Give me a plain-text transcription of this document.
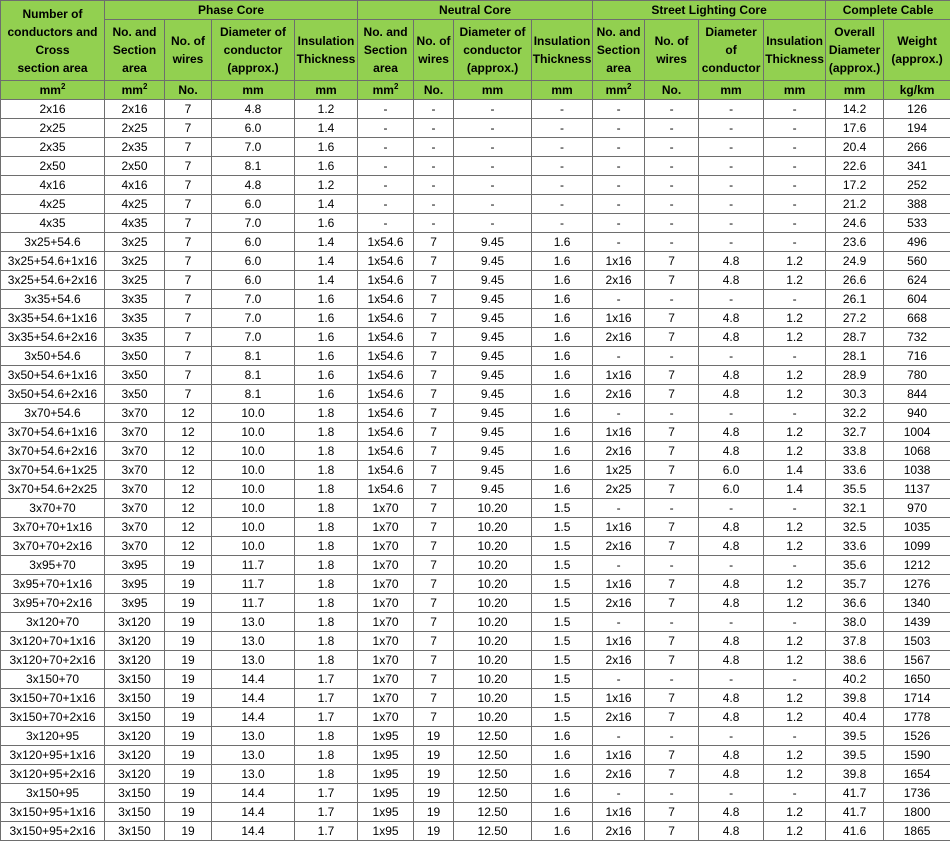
Number of
conductors and
Cross
section area	Phase Core				Neutral Core				Street Lighting Core				Complete Cable	
	No. and Section area	No. of wires	Diameter of conductor (approx.)	Insulation Thickness	No. and Section area	No. of wires	Diameter of conductor (approx.)	Insulation Thickness	No. and Section area	No. of wires	Diameter of conductor	Insulation Thickness	Overall Diameter (approx.)	Weight (approx.)
$mm^2$	$mm^2$	No.	mm	mm	$mm^2$	No.	mm	mm	$mm^2$	No.	mm	mm	mm	kg/km
2x16	2x16	7	4.8	1.2	-	-	-	-	-	-	-	-	14.2	126
2x25	2x25	7	6.0	1.4	-	-	-	-	-	-	-	-	17.6	194
2x35	2x35	7	7.0	1.6	-	-	-	-	-	-	-	-	20.4	266
2x50	2x50	7	8.1	1.6	-	-	-	-	-	-	-	-	22.6	341
4x16	4x16	7	4.8	1.2	-	-	-	-	-	-	-	-	17.2	252
4x25	4x25	7	6.0	1.4	-	-	-	-	-	-	-	-	21.2	388
4x35	4x35	7	7.0	1.6	-	-	-	-	-	-	-	-	24.6	533
3x25+54.6	3x25	7	6.0	1.4	1x54.6	7	9.45	1.6	-	-	-	-	23.6	496
3x25+54.6+1x16	3x25	7	6.0	1.4	1x54.6	7	9.45	1.6	1x16	7	4.8	1.2	24.9	560
3x25+54.6+2x16	3x25	7	6.0	1.4	1x54.6	7	9.45	1.6	2x16	7	4.8	1.2	26.6	624
3x35+54.6	3x35	7	7.0	1.6	1x54.6	7	9.45	1.6	-	-	-	-	26.1	604
3x35+54.6+1x16	3x35	7	7.0	1.6	1x54.6	7	9.45	1.6	1x16	7	4.8	1.2	27.2	668
3x35+54.6+2x16	3x35	7	7.0	1.6	1x54.6	7	9.45	1.6	2x16	7	4.8	1.2	28.7	732
3x50+54.6	3x50	7	8.1	1.6	1x54.6	7	9.45	1.6	-	-	-	-	28.1	716
3x50+54.6+1x16	3x50	7	8.1	1.6	1x54.6	7	9.45	1.6	1x16	7	4.8	1.2	28.9	780
3x50+54.6+2x16	3x50	7	8.1	1.6	1x54.6	7	9.45	1.6	2x16	7	4.8	1.2	30.3	844
3x70+54.6	3x70	12	10.0	1.8	1x54.6	7	9.45	1.6	-	-	-	-	32.2	940
3x70+54.6+1x16	3x70	12	10.0	1.8	1x54.6	7	9.45	1.6	1x16	7	4.8	1.2	32.7	1004
3x70+54.6+2x16	3x70	12	10.0	1.8	1x54.6	7	9.45	1.6	2x16	7	4.8	1.2	33.8	1068
3x70+54.6+1x25	3x70	12	10.0	1.8	1x54.6	7	9.45	1.6	1x25	7	6.0	1.4	33.6	1038
3x70+54.6+2x25	3x70	12	10.0	1.8	1x54.6	7	9.45	1.6	2x25	7	6.0	1.4	35.5	1137
3x70+70	3x70	12	10.0	1.8	1x70	7	10.20	1.5	-	-	-	-	32.1	970
3x70+70+1x16	3x70	12	10.0	1.8	1x70	7	10.20	1.5	1x16	7	4.8	1.2	32.5	1035
3x70+70+2x16	3x70	12	10.0	1.8	1x70	7	10.20	1.5	2x16	7	4.8	1.2	33.6	1099
3x95+70	3x95	19	11.7	1.8	1x70	7	10.20	1.5	-	-	-	-	35.6	1212
3x95+70+1x16	3x95	19	11.7	1.8	1x70	7	10.20	1.5	1x16	7	4.8	1.2	35.7	1276
3x95+70+2x16	3x95	19	11.7	1.8	1x70	7	10.20	1.5	2x16	7	4.8	1.2	36.6	1340
3x120+70	3x120	19	13.0	1.8	1x70	7	10.20	1.5	-	-	-	-	38.0	1439
3x120+70+1x16	3x120	19	13.0	1.8	1x70	7	10.20	1.5	1x16	7	4.8	1.2	37.8	1503
3x120+70+2x16	3x120	19	13.0	1.8	1x70	7	10.20	1.5	2x16	7	4.8	1.2	38.6	1567
3x150+70	3x150	19	14.4	1.7	1x70	7	10.20	1.5	-	-	-	-	40.2	1650
3x150+70+1x16	3x150	19	14.4	1.7	1x70	7	10.20	1.5	1x16	7	4.8	1.2	39.8	1714
3x150+70+2x16	3x150	19	14.4	1.7	1x70	7	10.20	1.5	2x16	7	4.8	1.2	40.4	1778
3x120+95	3x120	19	13.0	1.8	1x95	19	12.50	1.6	-	-	-	-	39.5	1526
3x120+95+1x16	3x120	19	13.0	1.8	1x95	19	12.50	1.6	1x16	7	4.8	1.2	39.5	1590
3x120+95+2x16	3x120	19	13.0	1.8	1x95	19	12.50	1.6	2x16	7	4.8	1.2	39.8	1654
3x150+95	3x150	19	14.4	1.7	1x95	19	12.50	1.6	-	-	-	-	41.7	1736
3x150+95+1x16	3x150	19	14.4	1.7	1x95	19	12.50	1.6	1x16	7	4.8	1.2	41.7	1800
3x150+95+2x16	3x150	19	14.4	1.7	1x95	19	12.50	1.6	2x16	7	4.8	1.2	41.6	1865
